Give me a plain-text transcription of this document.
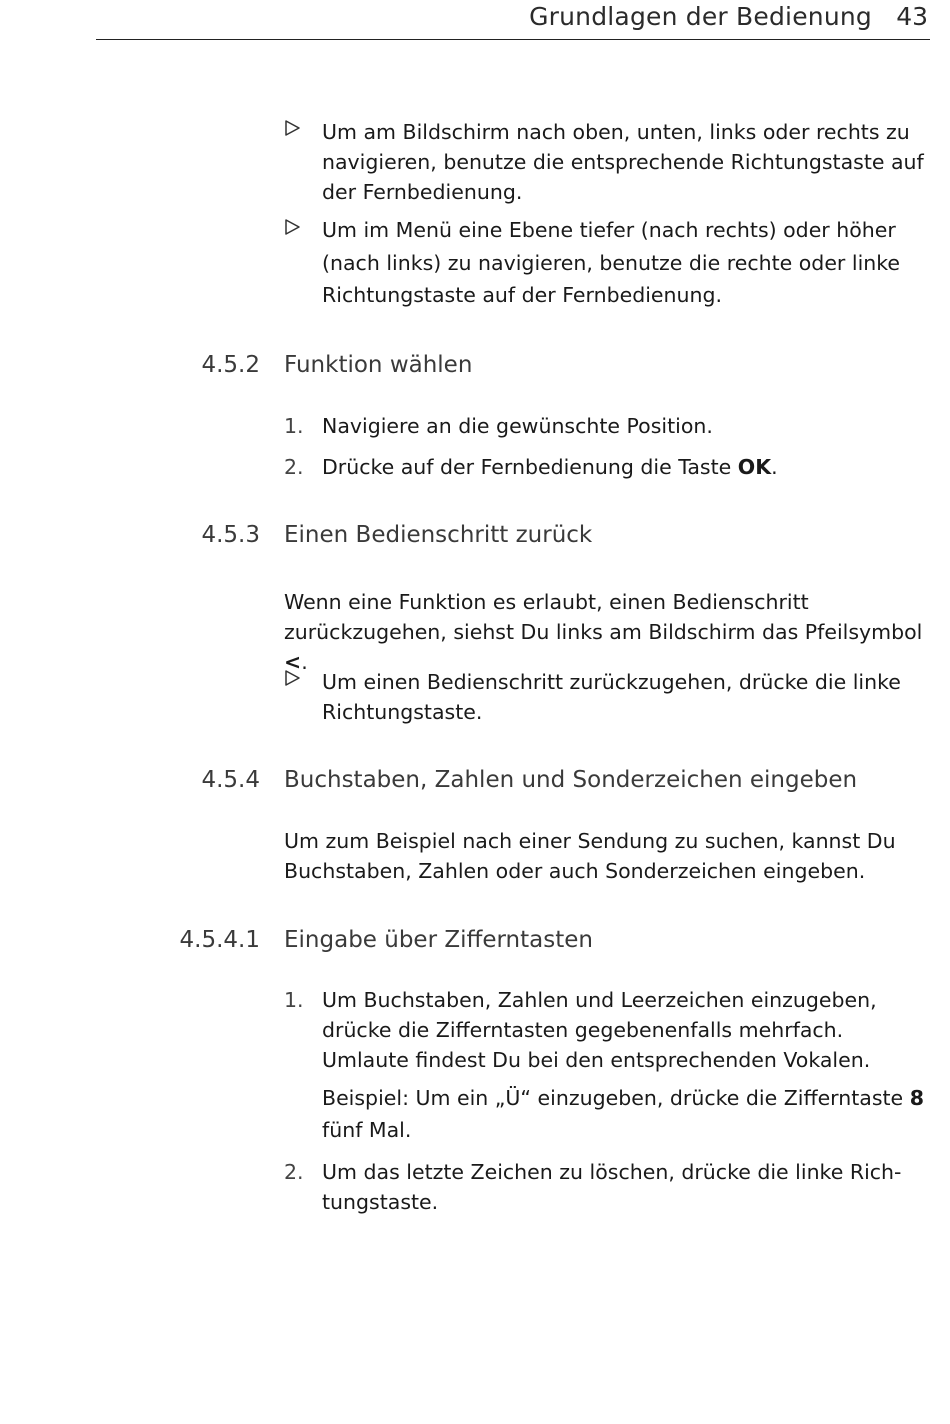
Grundlagen der Bedienung 43
Um am Bildschirm nach oben, unten, links oder rechts zu navigieren, benutze die entsprechende Richtungstaste auf der Fernbedienung.
Um im Menü eine Ebene tiefer (nach rechts) oder höher (nach links) zu navigieren, benutze die rechte oder linke Richtungstaste auf der Fernbedienung.
4.5.2 Funktion wählen
1. Navigiere an die gewünschte Position.
2. Drücke auf der Fernbedienung die Taste OK.
4.5.3 Einen Bedienschritt zurück
Wenn eine Funktion es erlaubt, einen Bedienschritt zurückzugehen, siehst Du links am Bildschirm das Pfeilsymbol <.
Um einen Bedienschritt zurückzugehen, drücke die linke Richtungstaste.
4.5.4 Buchstaben, Zahlen und Sonderzeichen eingeben
Um zum Beispiel nach einer Sendung zu suchen, kannst Du Buchstaben, Zahlen oder auch Sonderzeichen eingeben.
4.5.4.1 Eingabe über Zifferntasten
1. Um Buchstaben, Zahlen und Leerzeichen einzugeben, drücke die Zifferntasten gegebenenfalls mehrfach. Umlaute findest Du bei den entsprechenden Vokalen.
Beispiel: Um ein „Ü“ einzugeben, drücke die Zifferntaste 8 fünf Mal.
2. Um das letzte Zeichen zu löschen, drücke die linke Richtungstaste.
